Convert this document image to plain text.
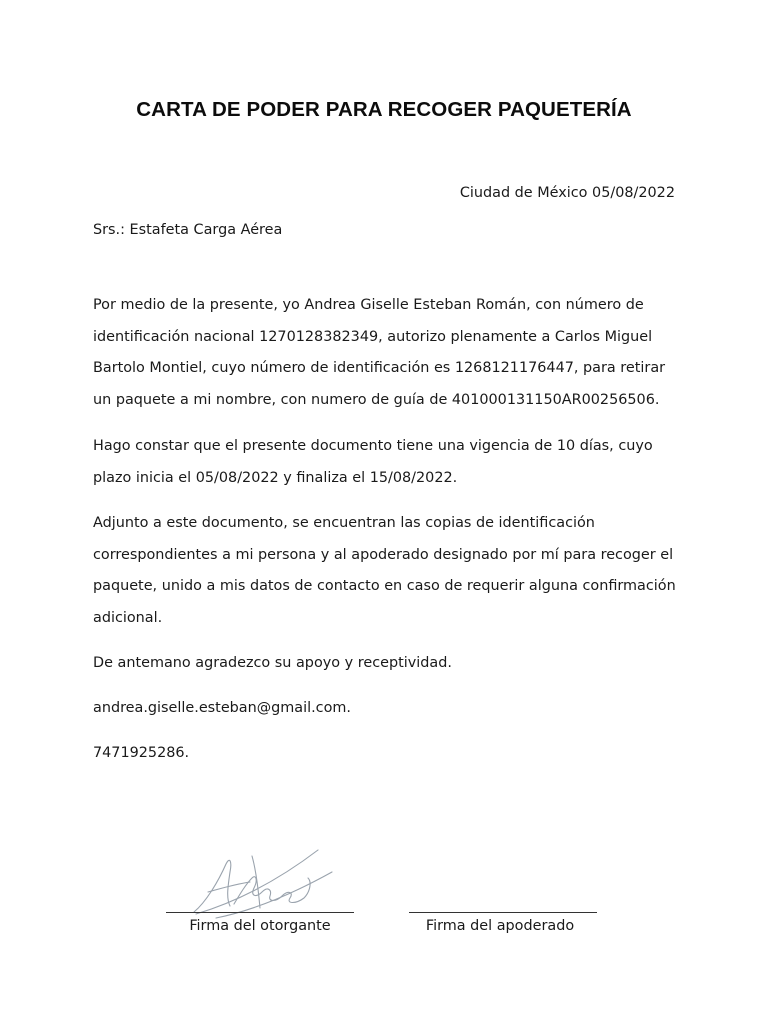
CARTA DE PODER PARA RECOGER PAQUETERÍA
Ciudad de México 05/08/2022
Srs.: Estafeta Carga Aérea
Por medio de la presente, yo Andrea Giselle Esteban Román, con número de identificación nacional 1270128382349, autorizo plenamente a Carlos Miguel Bartolo Montiel, cuyo número de identificación es 1268121176447, para retirar un paquete a mi nombre, con numero de guía de 401000131150AR00256506.
Hago constar que el presente documento tiene una vigencia de 10 días, cuyo plazo inicia el 05/08/2022 y finaliza el 15/08/2022.
Adjunto a este documento, se encuentran las copias de identificación correspondientes a mi persona y al apoderado designado por mí para recoger el paquete, unido a mis datos de contacto en caso de requerir alguna confirmación adicional.
De antemano agradezco su apoyo y receptividad.
andrea.giselle.esteban@gmail.com.
7471925286.
Firma del otorgante	Firma del apoderado
